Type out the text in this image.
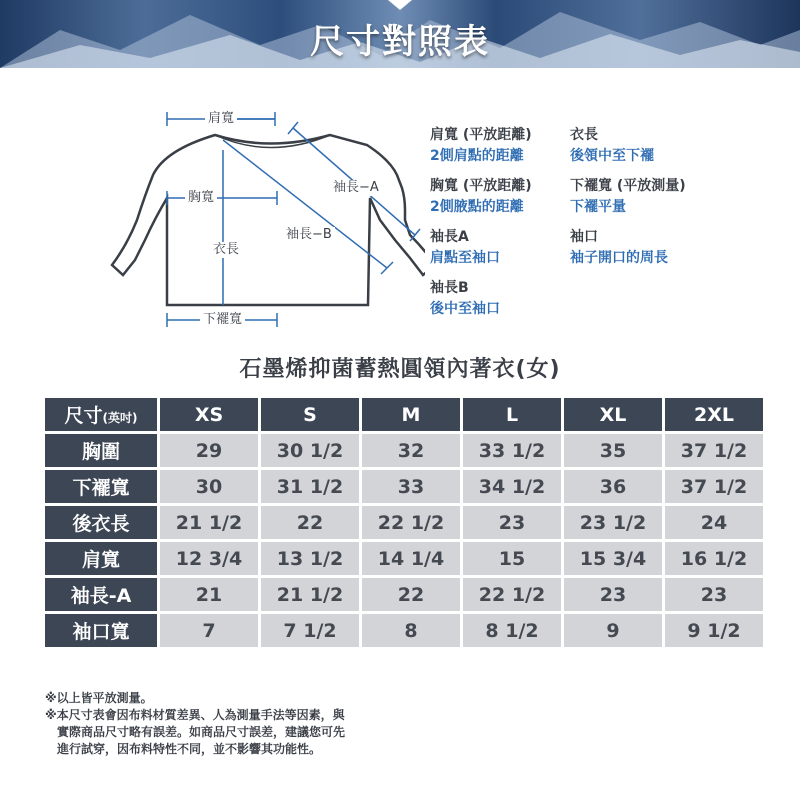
尺寸對照表
肩寬
胸寬
衣長
袖長−A
袖長−B
下襬寬
肩寬 (平放距離)
2側肩點的距離
衣長
後領中至下襬
胸寬 (平放距離)
2側腋點的距離
下襬寬 (平放測量)
下襬平量
袖長A
肩點至袖口
袖口
袖子開口的周長
袖長B
後中至袖口
石墨烯抑菌蓄熱圓領內著衣(女)
尺寸(英吋)	XS	S	M	L	XL	2XL
胸圍	29	30 1/2	32	33 1/2	35	37 1/2
下襬寬	30	31 1/2	33	34 1/2	36	37 1/2
後衣長	21 1/2	22	22 1/2	23	23 1/2	24
肩寬	12 3/4	13 1/2	14 1/4	15	15 3/4	16 1/2
袖長-A	21	21 1/2	22	22 1/2	23	23
袖口寬	7	7 1/2	8	8 1/2	9	9 1/2
※以上皆平放測量。
※本尺寸表會因布料材質差異、人為測量手法等因素，與
實際商品尺寸略有誤差。如商品尺寸誤差，建議您可先
進行試穿，因布料特性不同，並不影響其功能性。
